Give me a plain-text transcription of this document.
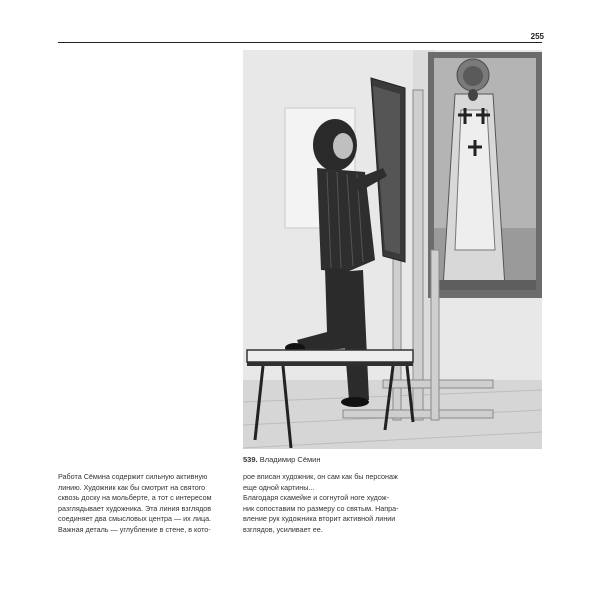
255
539. Владимир Сёмин
Работа Сёмина содержит сильную активную
линию. Художник как бы смотрит на святого
сквозь доску на мольберте, а тот с интересом
разглядывает художника. Эта линия взглядов
соединяет два смысловых центра — их лица.
Важная деталь — углубление в стене, в кото-
рое вписан художник, он сам как бы персонаж
еще одной картины...
Благодаря скамейке и согнутой ноге худож-
ник сопоставим по размеру со святым. Напра-
вление рук художника вторит активной линии
взглядов, усиливает ее.
